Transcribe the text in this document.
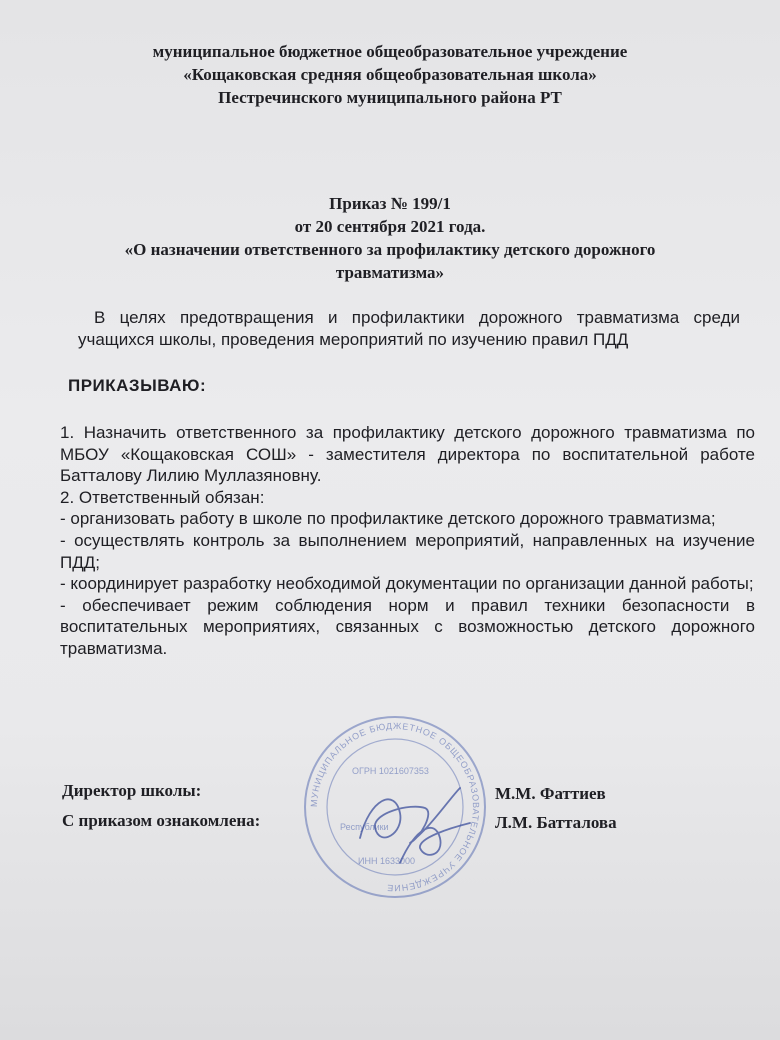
муниципальное бюджетное общеобразовательное учреждение
«Кощаковская средняя общеобразовательная школа»
Пестречинского муниципального района РТ
Приказ № 199/1
от 20 сентября 2021 года.
«О назначении ответственного за профилактику детского дорожного
травматизма»
В целях предотвращения и профилактики дорожного травматизма среди учащихся школы, проведения мероприятий по изучению правил ПДД
ПРИКАЗЫВАЮ:

1. Назначить ответственного за профилактику детского дорожного травматизма по МБОУ «Кощаковская СОШ» - заместителя директора по воспитательной работе Батталову Лилию Муллазяновну.

2. Ответственный обязан:

- организовать работу в школе по профилактике детского дорожного травматизма;

- осуществлять контроль за выполнением мероприятий, направленных на изучение ПДД;

- координирует разработку необходимой документации по организации данной работы;

- обеспечивает режим соблюдения норм и правил техники безопасности в воспитательных мероприятиях, связанных с возможностью детского дорожного травматизма.

МУНИЦИПАЛЬНОЕ БЮДЖЕТНОЕ ОБЩЕОБРАЗОВАТЕЛЬНОЕ УЧРЕЖДЕНИЕ
ОГРН 1021607353
Республики
ИНН 1633000
Директор школы:	М.М. Фаттиев
С приказом ознакомлена:	Л.М. Батталова
